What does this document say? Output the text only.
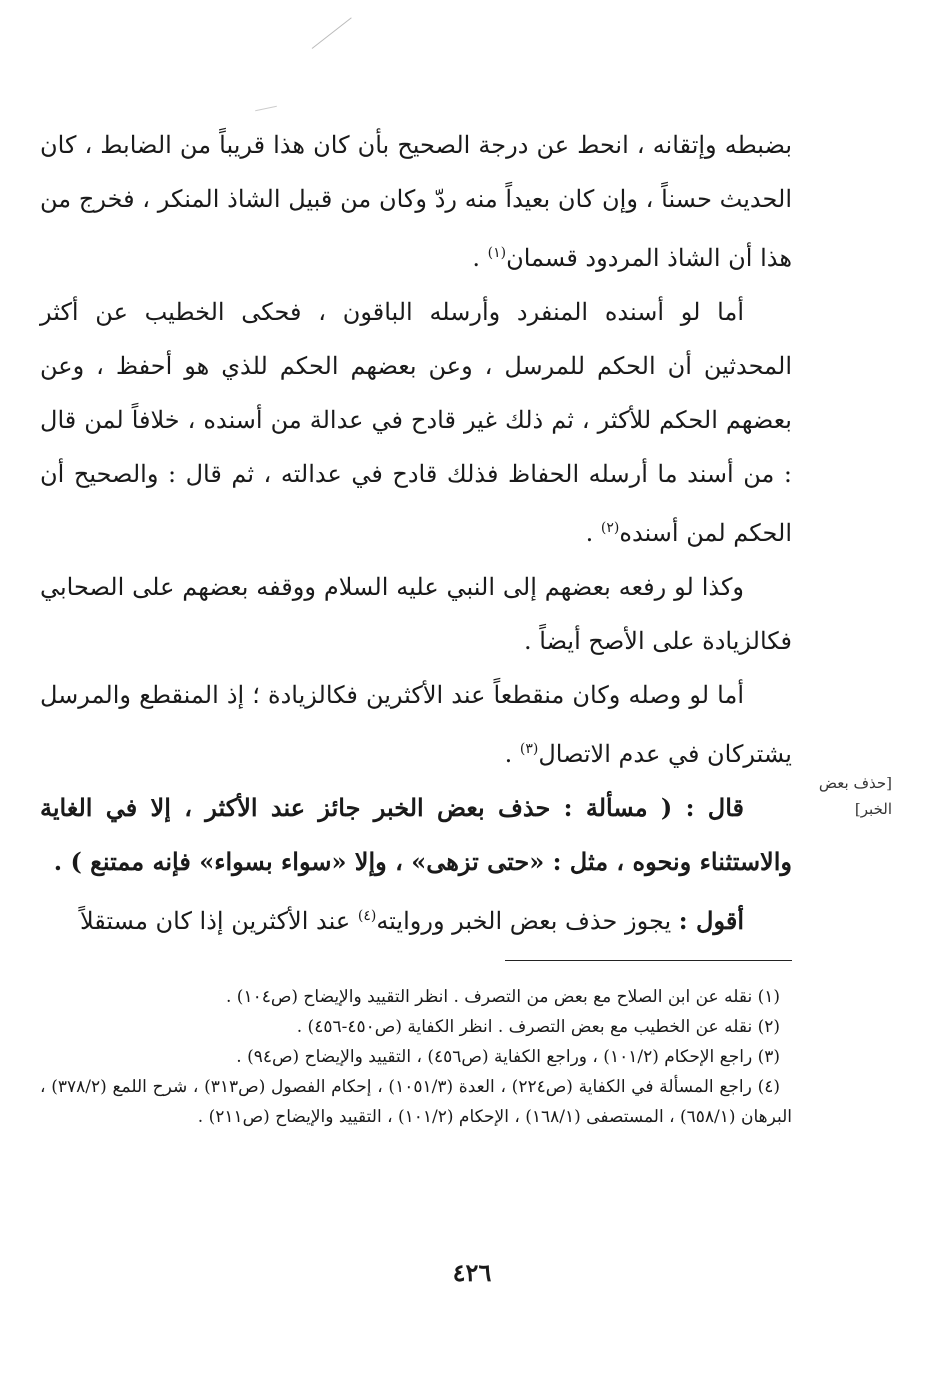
بضبطه وإتقانه ، انحط عن درجة الصحيح بأن كان هذا قريباً من الضابط ، كان الحديث حسناً ، وإن كان بعيداً منه ردّ وكان من قبيل الشاذ المنكر ، فخرج من هذا أن الشاذ المردود قسمان$^{(١)}$ .

أما لو أسنده المنفرد وأرسله الباقون ، فحكى الخطيب عن أكثر المحدثين أن الحكم للمرسل ، وعن بعضهم الحكم للذي هو أحفظ ، وعن بعضهم الحكم للأكثر ، ثم ذلك غير قادح في عدالة من أسنده ، خلافاً لمن قال : من أسند ما أرسله الحفاظ فذلك قادح في عدالته ، ثم قال : والصحيح أن الحكم لمن أسنده$^{(٢)}$ .

وكذا لو رفعه بعضهم إلى النبي عليه السلام ووقفه بعضهم على الصحابي فكالزيادة على الأصح أيضاً .

أما لو وصله وكان منقطعاً عند الأكثرين فكالزيادة ؛ إذ المنقطع والمرسل يشتركان في عدم الاتصال$^{(٣)}$ .

قال : ( مسألة : حذف بعض الخبر جائز عند الأكثر ، إلا في الغاية والاستثناء ونحوه ، مثل : «حتى تزهى» ، وإلا «سواء بسواء» فإنه ممتنع ) .

أقول : يجوز حذف بعض الخبر وروايته$^{(٤)}$ عند الأكثرين إذا كان مستقلاً

[حذف بعض الخبر]

(١) نقله عن ابن الصلاح مع بعض من التصرف . انظر التقييد والإيضاح (ص١٠٤) .

(٢) نقله عن الخطيب مع بعض التصرف . انظر الكفاية (ص٤٥٠-٤٥٦) .

(٣) راجع الإحكام (١٠١/٢) ، وراجع الكفاية (ص٤٥٦) ، التقييد والإيضاح (ص٩٤) .

(٤) راجع المسألة في الكفاية (ص٢٢٤) ، العدة (١٠٥١/٣) ، إحكام الفصول (ص٣١٣) ، شرح اللمع (٣٧٨/٢) ، البرهان (٦٥٨/١) ، المستصفى (١٦٨/١) ، الإحكام (١٠١/٢) ، التقييد والإيضاح (ص٢١١) .

٤٢٦
